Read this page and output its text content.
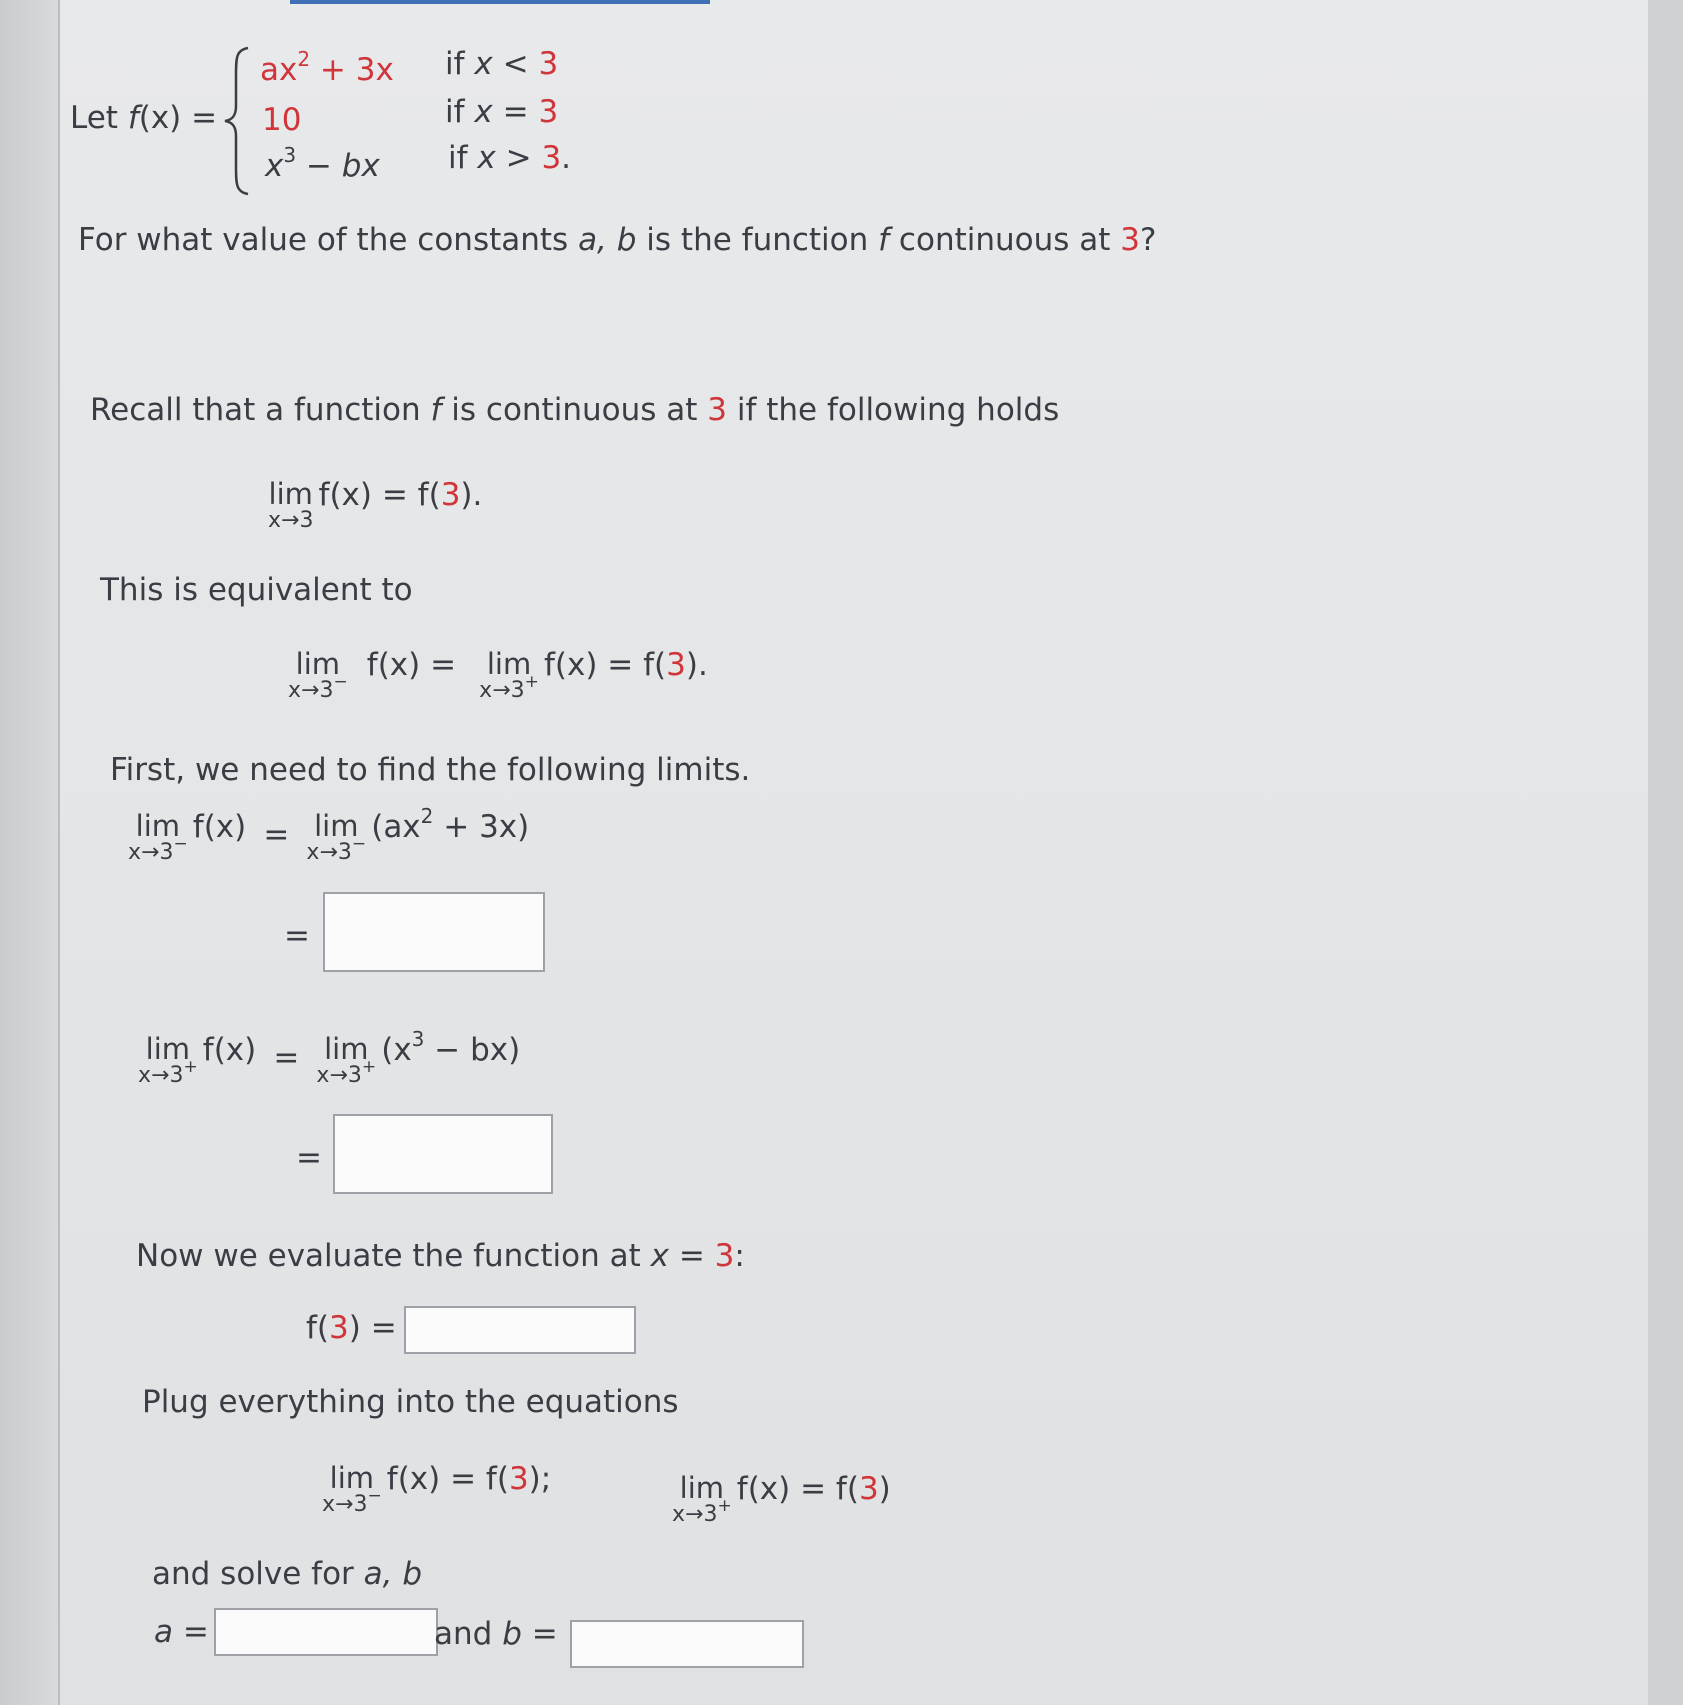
Let f(x) =
$ax^2 + 3x$ if x < 3
10	if x = 3
$x^3$ − bx if x > 3.
For what value of the constants a, b is the function f continuous at 3?
Recall that a function f is continuous at 3 if the following holds
lim
x→3
f(x) = f(3).
This is equivalent to
lim
x→3− f(x) = lim
x→3+ f(x) = f(3).
First, we need to find the following limits.
lim
x→3− f(x) = lim
x→3− $(ax^2 + 3x)$
=
lim
x→3+ f(x) = lim
x→3+ $(x^3 - bx)$
=
Now we evaluate the function at x = 3:
f(3) =
Plug everything into the equations
lim
x→3− f(x) = f(3);	lim
x→3+ f(x) = f(3)
and solve for a, b
a =	and b =
